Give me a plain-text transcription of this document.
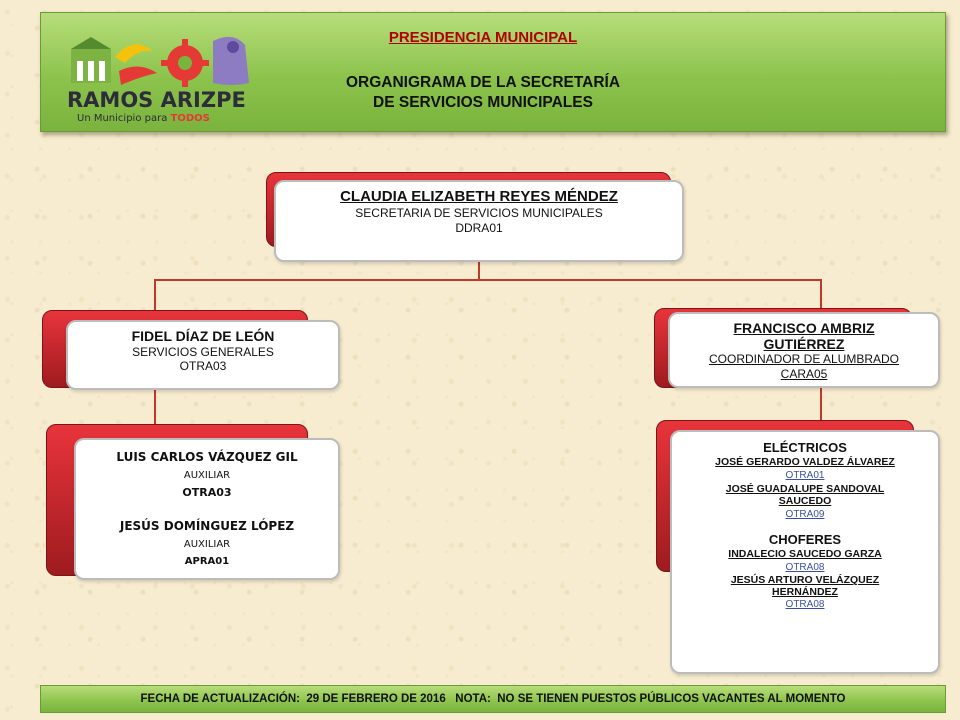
RAMOS ARIZPE
Un Municipio para TODOS
PRESIDENCIA MUNICIPAL
ORGANIGRAMA DE LA SECRETARÍA
DE SERVICIOS MUNICIPALES
CLAUDIA ELIZABETH REYES MÉNDEZ
SECRETARIA DE SERVICIOS MUNICIPALES
DDRA01
FIDEL DÍAZ DE LEÓN
SERVICIOS GENERALES
OTRA03
LUIS CARLOS VÁZQUEZ GIL
AUXILIAR
OTRA03
JESÚS DOMÍNGUEZ LÓPEZ
AUXILIAR
APRA01
FRANCISCO AMBRIZ
GUTIÉRREZ
COORDINADOR DE ALUMBRADO
CARA05
ELÉCTRICOS
JOSÉ GERARDO VALDEZ ÁLVAREZ
OTRA01
JOSÉ GUADALUPE SANDOVAL
SAUCEDO
OTRA09
CHOFERES
INDALECIO SAUCEDO GARZA
OTRA08
JESÚS ARTURO VELÁZQUEZ
HERNÁNDEZ
OTRA08
FECHA DE ACTUALIZACIÓN:  29 DE FEBRERO DE 2016   NOTA:  NO SE TIENEN PUESTOS PÚBLICOS VACANTES AL MOMENTO
